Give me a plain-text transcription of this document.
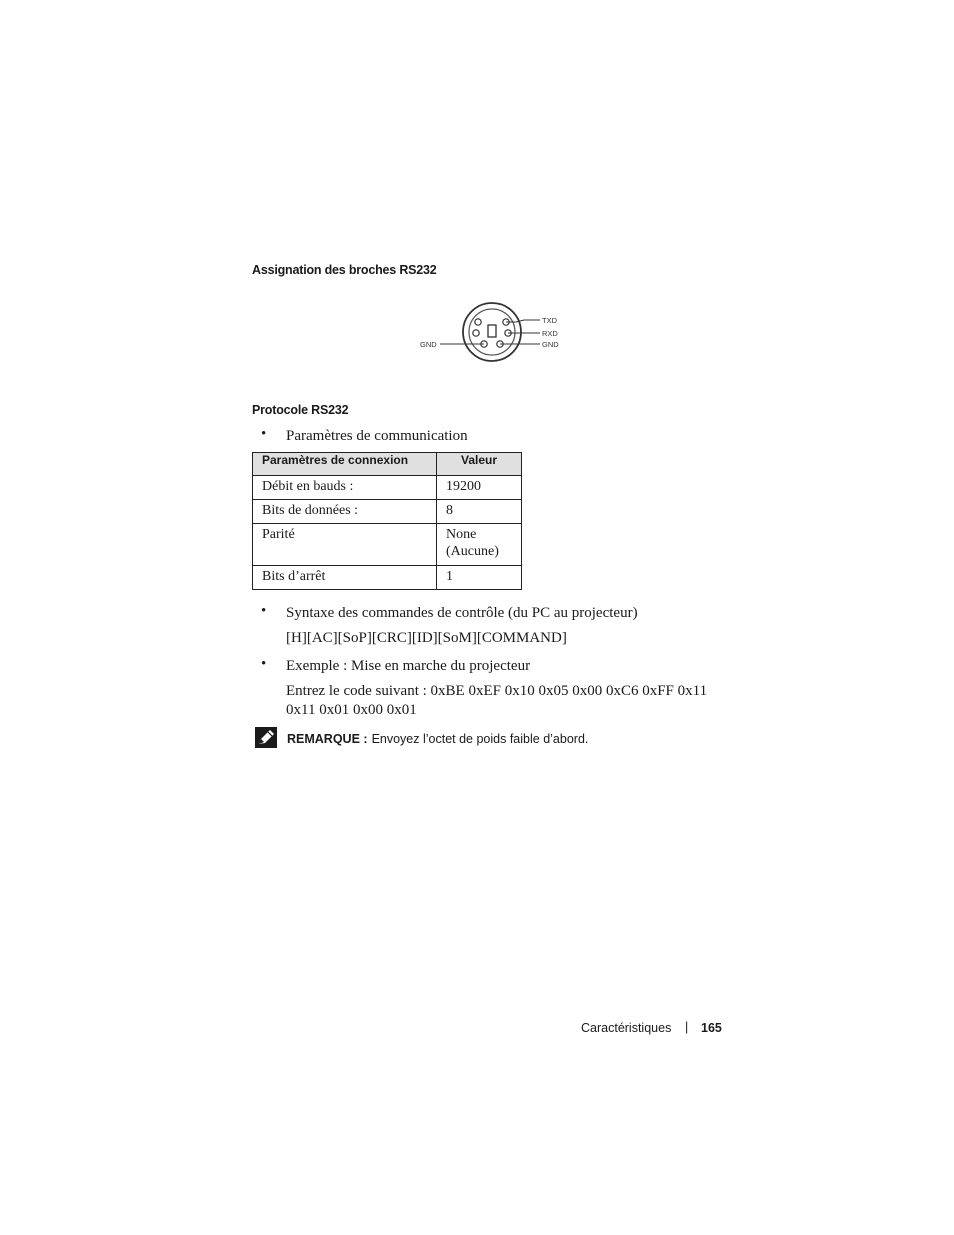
Assignation des broches RS232
TXD
RXD
GND
GND
Protocole RS232
• Paramètres de communication
Paramètres de connexion	Valeur
Débit en bauds :	19200
Bits de données :	8
Parité	None (Aucune)
Bits d’arrêt	1
• Syntaxe des commandes de contrôle (du PC au projecteur)
[H][AC][SoP][CRC][ID][SoM][COMMAND]
• Exemple : Mise en marche du projecteur
Entrez le code suivant : 0xBE 0xEF 0x10 0x05 0x00 0xC6 0xFF 0x11
0x11 0x01 0x00 0x01
REMARQUE : Envoyez l’octet de poids faible d’abord.
Caractéristiques | 165
